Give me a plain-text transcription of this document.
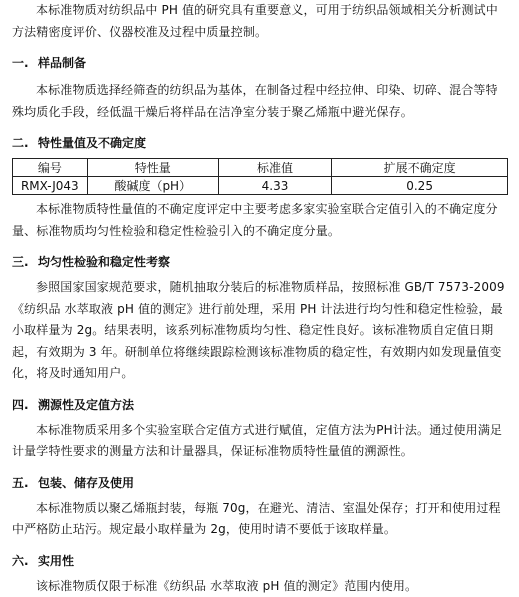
本标准物质对纺织品中 PH 值的研究具有重要意义，可用于纺织品领域相关分析测试中方法精密度评价、仪器校准及过程中质量控制。

一. 样品制备

本标准物质选择经筛查的纺织品为基体，在制备过程中经拉伸、印染、切碎、混合等特殊均质化手段，经低温干燥后将样品在洁净室分装于聚乙烯瓶中避光保存。

二. 特性量值及不确定度
编号	特性量	标准值	扩展不确定度
RMX-J043	酸碱度（pH）	4.33	0.25

本标准物质特性量值的不确定度评定中主要考虑多家实验室联合定值引入的不确定度分量、标准物质均匀性检验和稳定性检验引入的不确定度分量。

三. 均匀性检验和稳定性考察

参照国家国家规范要求，随机抽取分装后的标准物质样品，按照标准 GB/T 7573-2009《纺织品 水萃取液 pH 值的测定》进行前处理，采用 PH 计法进行均匀性和稳定性检验，最小取样量为 2g。结果表明，该系列标准物质均匀性、稳定性良好。该标准物质自定值日期起，有效期为 3 年。研制单位将继续跟踪检测该标准物质的稳定性，有效期内如发现量值变化，将及时通知用户。

四. 溯源性及定值方法

本标准物质采用多个实验室联合定值方式进行赋值，定值方法为PH计法。通过使用满足计量学特性要求的测量方法和计量器具，保证标准物质特性量值的溯源性。

五. 包装、储存及使用

本标准物质以聚乙烯瓶封装，每瓶 70g，在避光、清洁、室温处保存；打开和使用过程中严格防止玷污。规定最小取样量为 2g，使用时请不要低于该取样量。

六. 实用性

该标准物质仅限于标准《纺织品 水萃取液 pH 值的测定》范围内使用。
